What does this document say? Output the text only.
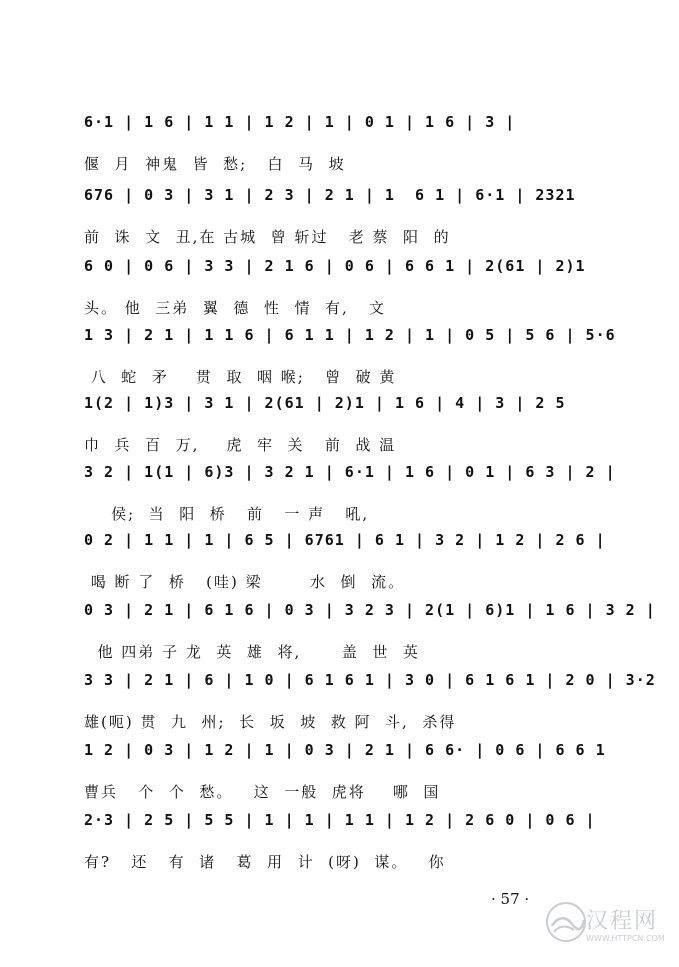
6·1 | 1 6 | 1 1 | 1 2 | 1 | 0 1 | 1 6 | 3 |
偃  月  神鬼  皆  愁;   白  马  坡
676 | 0 3 | 3 1 | 2 3 | 2 1 | 1  6 1 | 6·1 | 2321
前  诛  文  丑,在 古城  曾 斩过   老 蔡  阳  的
6 0 | 0 6 | 3 3 | 2 1 6 | 0 6 | 6 6 1 | 2(61 | 2)1
头。 他  三弟  翼  德  性  情  有,   文
1 3 | 2 1 | 1 1 6 | 6 1 1 | 1 2 | 1 | 0 5 | 5 6 | 5·6
八  蛇  矛    贯  取  咽 喉;   曾  破 黄
1(2 | 1)3 | 3 1 | 2(61 | 2)1 | 1 6 | 4 | 3 | 2 5
巾  兵  百  万,    虎  牢  关   前  战 温
3 2 | 1(1 | 6)3 | 3 2 1 | 6·1 | 1 6 | 0 1 | 6 3 | 2 |
侯;  当  阳  桥   前   一 声   吼,
0 2 | 1 1 | 1 | 6 5 | 6761 | 6 1 | 3 2 | 1 2 | 2 6 |
喝 断 了  桥   (哇) 梁       水  倒  流。
0 3 | 2 1 | 6 1 6 | 0 3 | 3 2 3 | 2(1 | 6)1 | 1 6 | 3 2 |
他 四弟 子 龙  英  雄  将,      盖  世  英
3 3 | 2 1 | 6 | 1 0 | 6 1 6 1 | 3 0 | 6 1 6 1 | 2 0 | 3·2
雄(呃) 贯  九  州;  长  坂  坡  救 阿  斗,  杀得
1 2 | 0 3 | 1 2 | 1 | 0 3 | 2 1 | 6 6· | 0 6 | 6 6 1
曹兵   个  个  愁。   这  一般  虎将    哪  国
2·3 | 2 5 | 5 5 | 1 | 1 | 1 1 | 1 2 | 2 6 0 | 0 6 |
有?   还   有  诸   葛  用  计  (呀)  谋。   你
· 57 ·
汉程网
WWW.HTTPCN.COM
